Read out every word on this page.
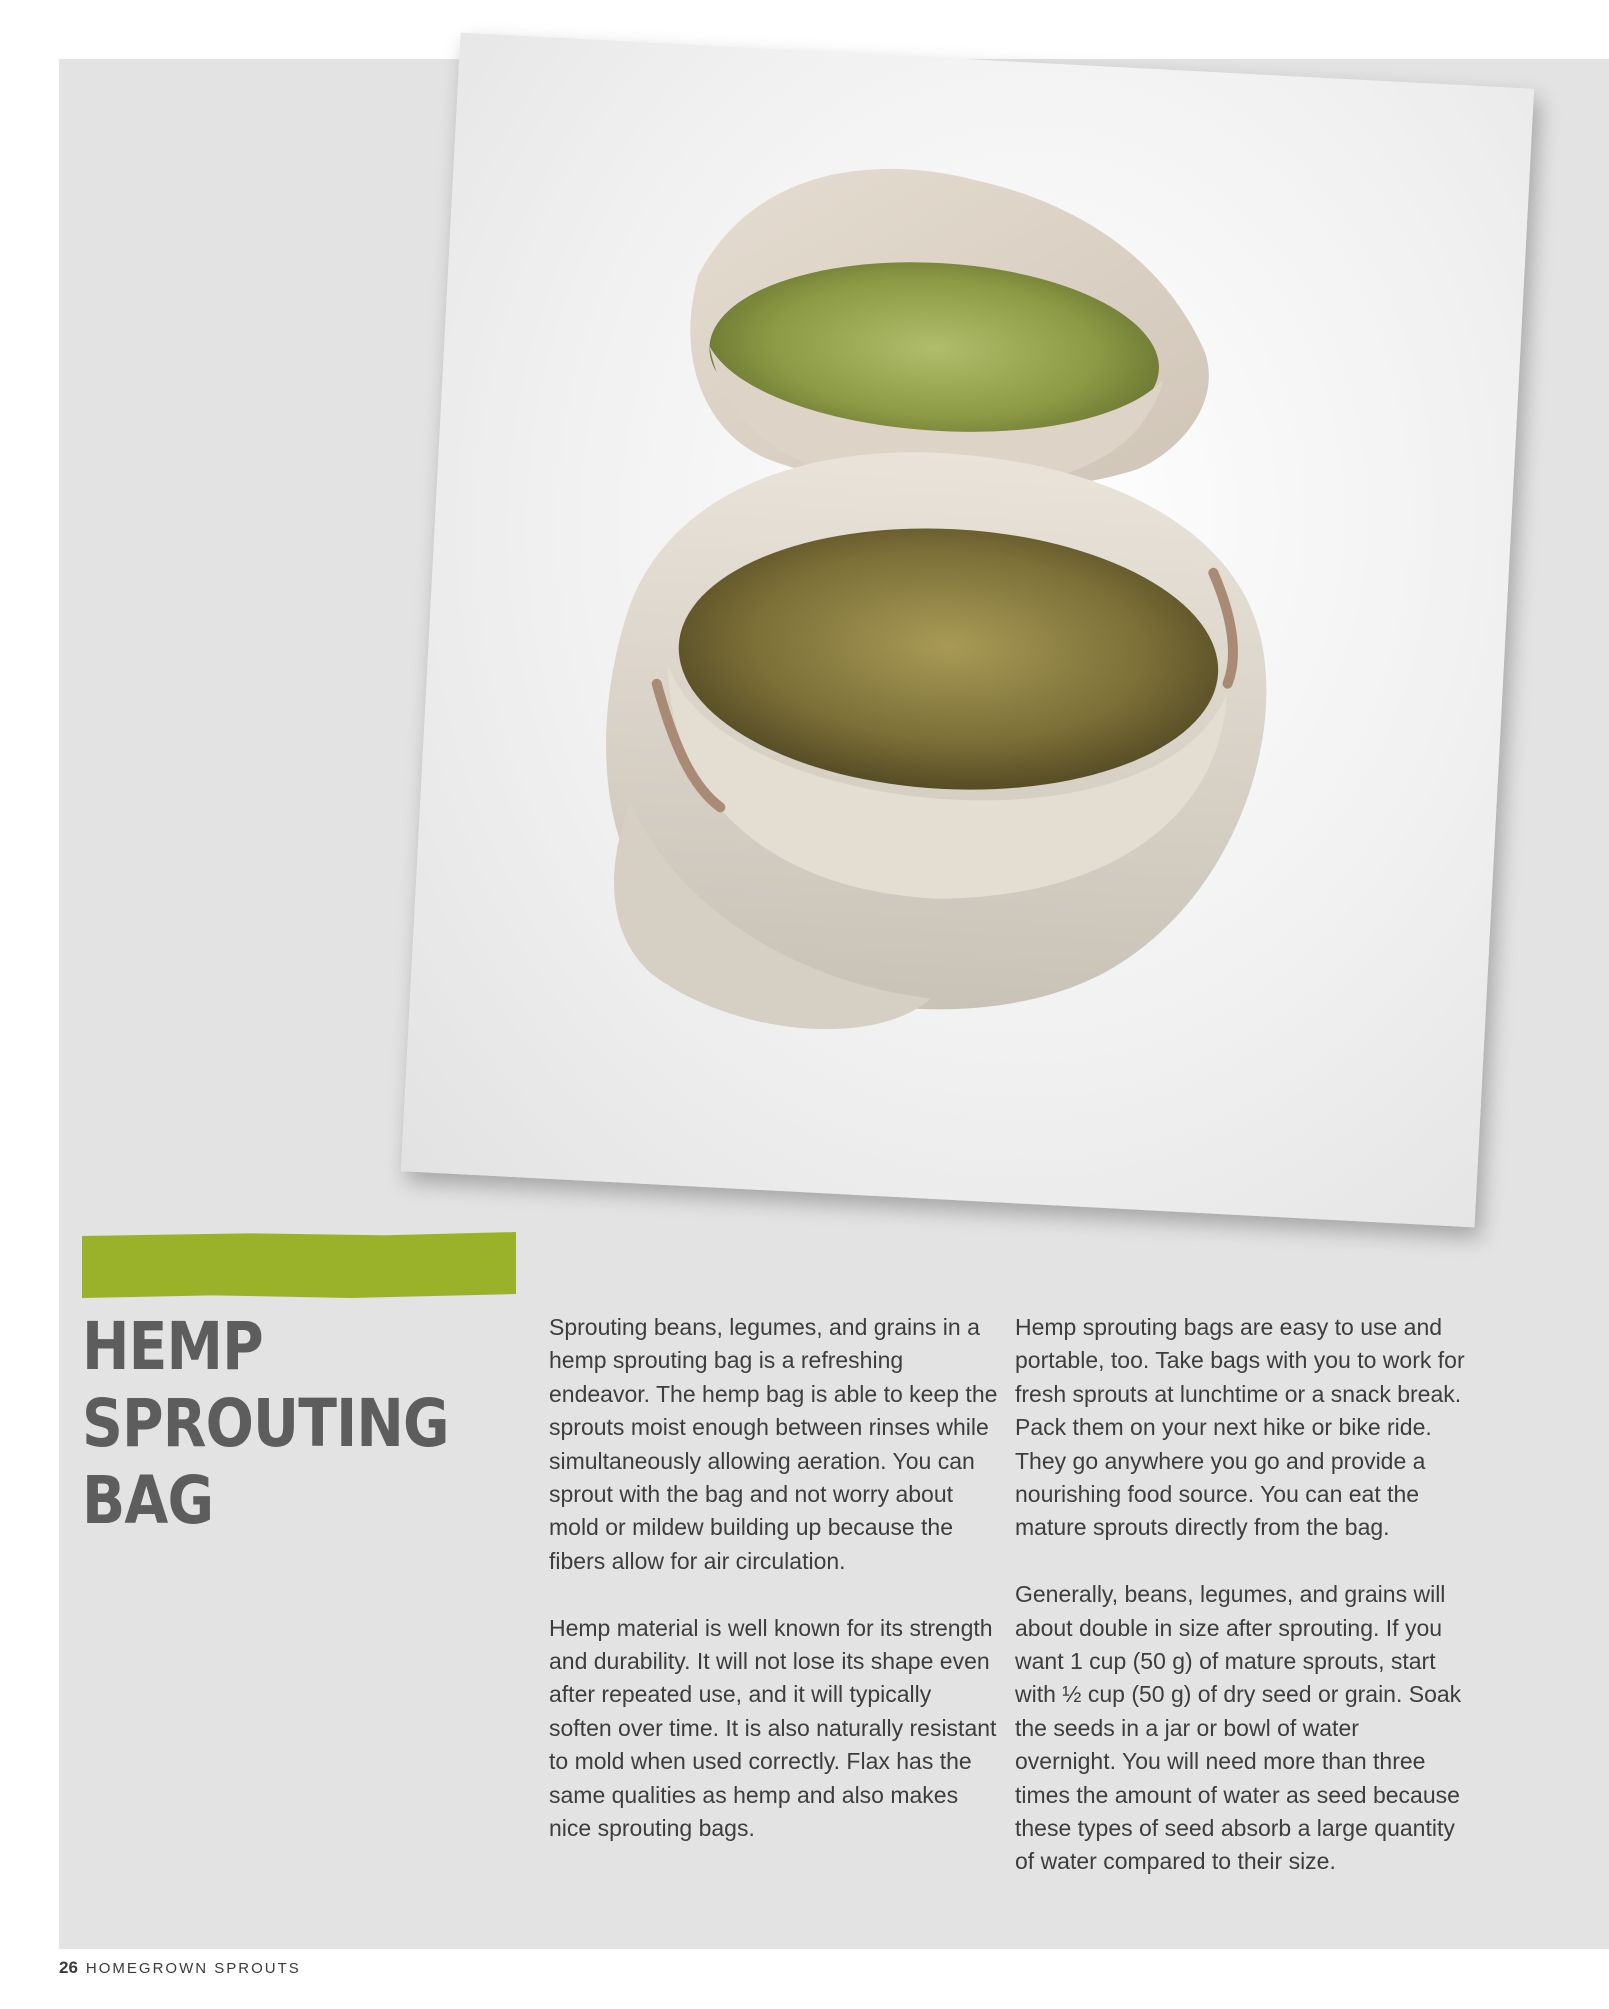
HEMP
SPROUTING
BAG

Sprouting beans, legumes, and grains in a hemp sprouting bag is a refreshing endeavor. The hemp bag is able to keep the sprouts moist enough between rinses while simultaneously allowing aeration. You can sprout with the bag and not worry about mold or mildew building up because the fibers allow for air circulation.

Hemp material is well known for its strength and durability. It will not lose its shape even after repeated use, and it will typically soften over time. It is also naturally resistant to mold when used correctly. Flax has the same qualities as hemp and also makes nice sprouting bags.

Hemp sprouting bags are easy to use and portable, too. Take bags with you to work for fresh sprouts at lunchtime or a snack break. Pack them on your next hike or bike ride. They go anywhere you go and provide a nourishing food source. You can eat the mature sprouts directly from the bag.

Generally, beans, legumes, and grains will about double in size after sprouting. If you want 1 cup (50 g) of mature sprouts, start with ½ cup (50 g) of dry seed or grain. Soak the seeds in a jar or bowl of water overnight. You will need more than three times the amount of water as seed because these types of seed absorb a large quantity of water compared to their size.

26 HOMEGROWN SPROUTS
